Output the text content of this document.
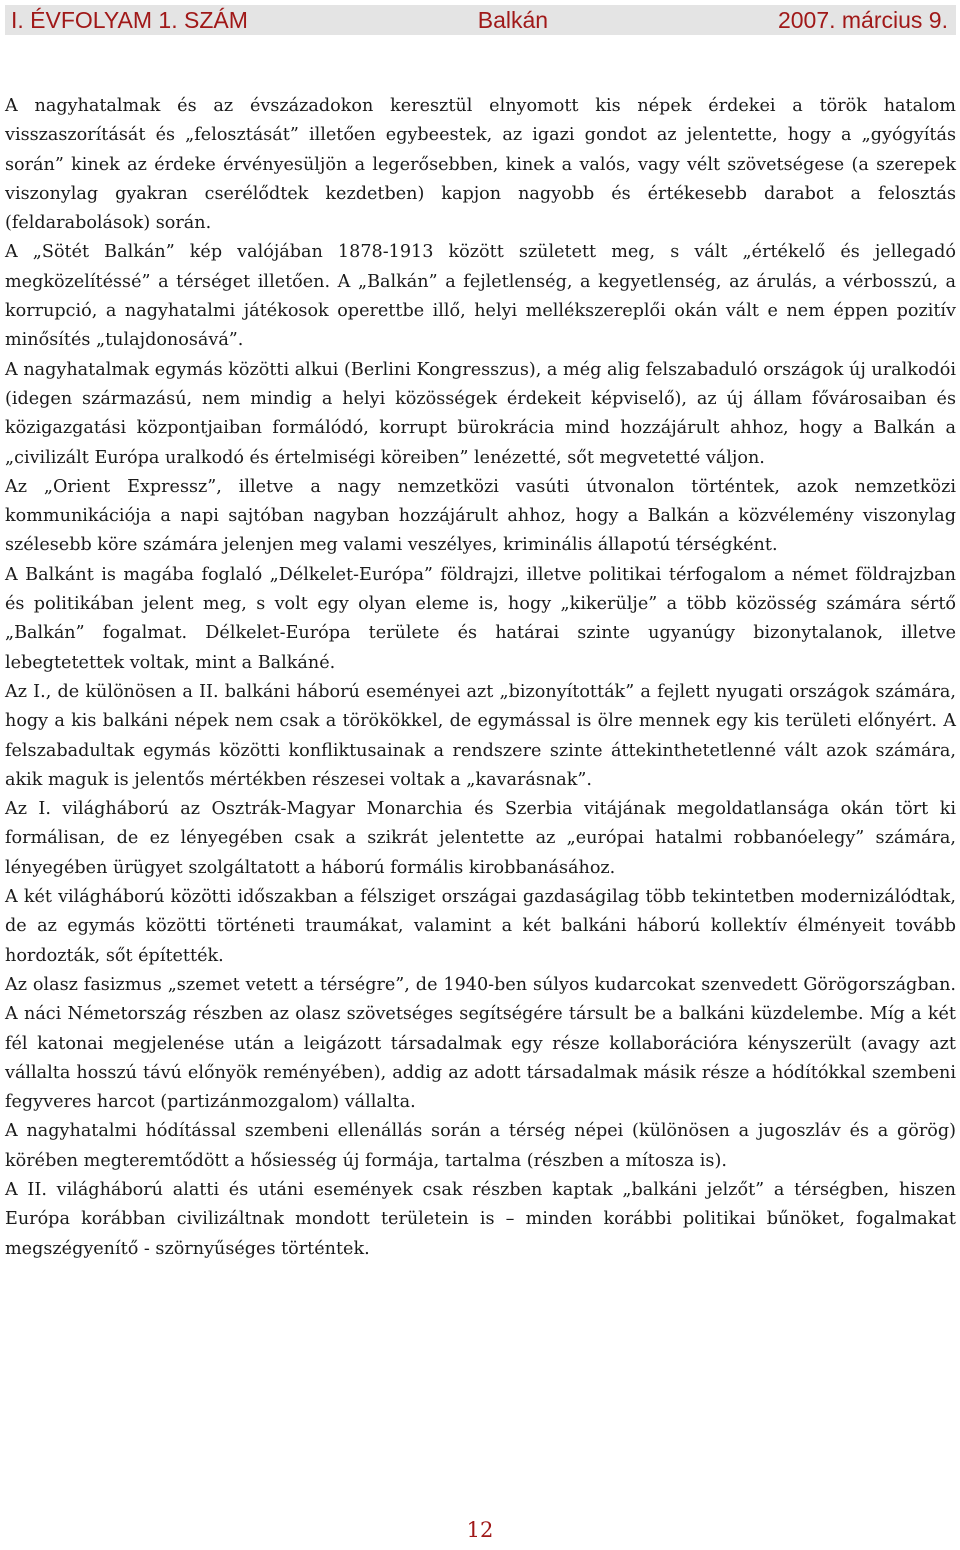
I. ÉVFOLYAM 1. SZÁM	Balkán	2007. március 9.

A nagyhatalmak és az évszázadokon keresztül elnyomott kis népek érdekei a török hatalom visszaszorítását és „felosztását” illetően egybeestek, az igazi gondot az jelentette, hogy a „gyógyítás során” kinek az érdeke érvényesüljön a legerősebben, kinek a valós, vagy vélt szövetségese (a szerepek viszonylag gyakran cserélődtek kezdetben) kapjon nagyobb és értékesebb darabot a felosztás (feldarabolások) során.

A „Sötét Balkán” kép valójában 1878-1913 között született meg, s vált „értékelő és jellegadó megközelítéssé” a térséget illetően. A „Balkán” a fejletlenség, a kegyetlenség, az árulás, a vérbosszú, a korrupció, a nagyhatalmi játékosok operettbe illő, helyi mellékszereplői okán vált e nem éppen pozitív minősítés „tulajdonosává”.

A nagyhatalmak egymás közötti alkui (Berlini Kongresszus), a még alig felszabaduló országok új uralkodói (idegen származású, nem mindig a helyi közösségek érdekeit képviselő), az új állam fővárosaiban és közigazgatási központjaiban formálódó, korrupt bürokrácia mind hozzájárult ahhoz, hogy a Balkán a „civilizált Európa uralkodó és értelmiségi köreiben” lenézetté, sőt megvetetté váljon.

Az „Orient Expressz”, illetve a nagy nemzetközi vasúti útvonalon történtek, azok nemzetközi kommunikációja a napi sajtóban nagyban hozzájárult ahhoz, hogy a Balkán a közvélemény viszonylag szélesebb köre számára jelenjen meg valami veszélyes, kriminális állapotú térségként.

A Balkánt is magába foglaló „Délkelet-Európa” földrajzi, illetve politikai térfogalom a német földrajzban és politikában jelent meg, s volt egy olyan eleme is, hogy „kikerülje” a több közösség számára sértő „Balkán” fogalmat. Délkelet-Európa területe és határai szinte ugyanúgy bizonytalanok, illetve lebegtetettek voltak, mint a Balkáné.

Az I., de különösen a II. balkáni háború eseményei azt „bizonyították” a fejlett nyugati országok számára, hogy a kis balkáni népek nem csak a törökökkel, de egymással is ölre mennek egy kis területi előnyért. A felszabadultak egymás közötti konfliktusainak a rendszere szinte áttekinthetetlenné vált azok számára, akik maguk is jelentős mértékben részesei voltak a „kavarásnak”.

Az I. világháború az Osztrák-Magyar Monarchia és Szerbia vitájának megoldatlansága okán tört ki formálisan, de ez lényegében csak a szikrát jelentette az „európai hatalmi robbanóelegy” számára, lényegében ürügyet szolgáltatott a háború formális kirobbanásához.

A két világháború közötti időszakban a félsziget országai gazdaságilag több tekintetben modernizálódtak, de az egymás közötti történeti traumákat, valamint a két balkáni háború kollektív élményeit tovább hordozták, sőt építették.

Az olasz fasizmus „szemet vetett a térségre”, de 1940-ben súlyos kudarcokat szenvedett Görögországban. A náci Németország részben az olasz szövetséges segítségére társult be a balkáni küzdelembe. Míg a két fél katonai megjelenése után a leigázott társadalmak egy része kollaborációra kényszerült (avagy azt vállalta hosszú távú előnyök reményében), addig az adott társadalmak másik része a hódítókkal szembeni fegyveres harcot (partizánmozgalom) vállalta.

A nagyhatalmi hódítással szembeni ellenállás során a térség népei (különösen a jugoszláv és a görög) körében megteremtődött a hősiesség új formája, tartalma (részben a mítosza is).

A II. világháború alatti és utáni események csak részben kaptak „balkáni jelzőt” a térségben, hiszen Európa korábban civilizáltnak mondott területein is – minden korábbi politikai bűnöket, fogalmakat megszégyenítő - szörnyűséges történtek.

12
